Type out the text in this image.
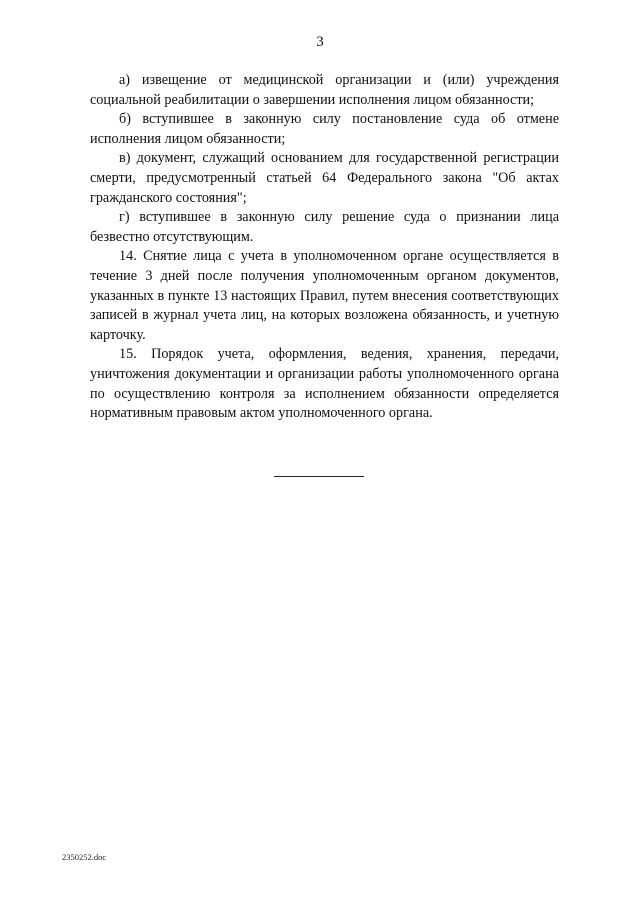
3

а) извещение от медицинской организации и (или) учреждения социальной реабилитации о завершении исполнения лицом обязанности;

б) вступившее в законную силу постановление суда об отмене исполнения лицом обязанности;

в) документ, служащий основанием для государственной регистрации смерти, предусмотренный статьей 64 Федерального закона "Об актах гражданского состояния";

г) вступившее в законную силу решение суда о признании лица безвестно отсутствующим.

14. Снятие лица с учета в уполномоченном органе осуществляется в течение 3 дней после получения уполномоченным органом документов, указанных в пункте 13 настоящих Правил, путем внесения соответствующих записей в журнал учета лиц, на которых возложена обязанность, и учетную карточку.

15. Порядок учета, оформления, ведения, хранения, передачи, уничтожения документации и организации работы уполномоченного органа по осуществлению контроля за исполнением обязанности определяется нормативным правовым актом уполномоченного органа.

2350252.doc
